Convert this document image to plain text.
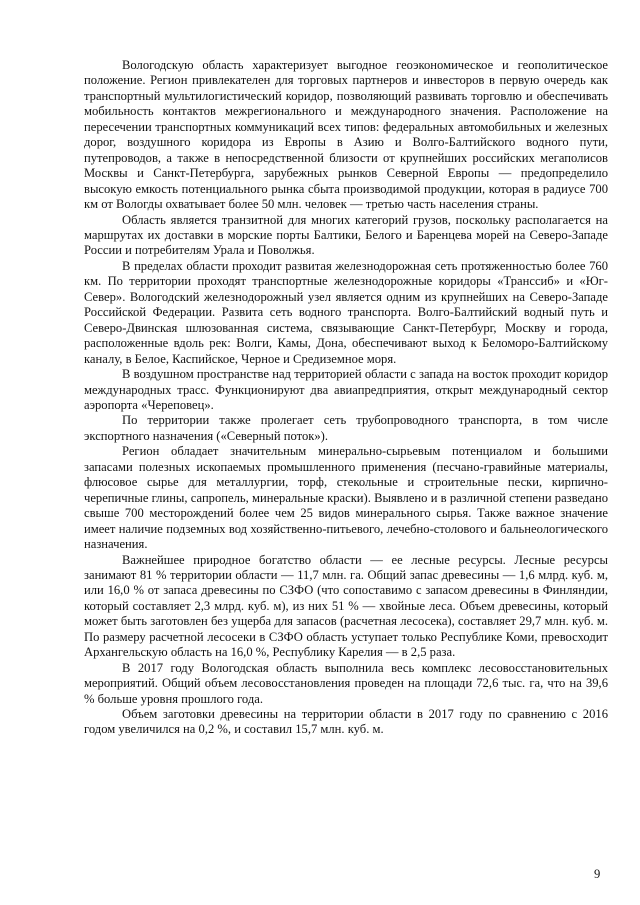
Вологодскую область характеризует выгодное геоэкономическое и геополитическое положение. Регион привлекателен для торговых партнеров и инвесторов в первую очередь как транспортный мультилогистический коридор, позволяющий развивать торговлю и обеспечивать мобильность контактов межрегионального и международного значения. Расположение на пересечении транспортных коммуникаций всех типов: федеральных автомобильных и железных дорог, воздушного коридора из Европы в Азию и Волго-Балтийского водного пути, путепроводов, а также в непосредственной близости от крупнейших российских мегаполисов Москвы и Санкт-Петербурга, зарубежных рынков Северной Европы — предопределило высокую емкость потенциального рынка сбыта производимой продукции, которая в радиусе 700 км от Вологды охватывает более 50 млн. человек — третью часть населения страны.

Область является транзитной для многих категорий грузов, поскольку располагается на маршрутах их доставки в морские порты Балтики, Белого и Баренцева морей на Северо-Западе России и потребителям Урала и Поволжья.

В пределах области проходит развитая железнодорожная сеть протяженностью более 760 км. По территории проходят транспортные железнодорожные коридоры «Транссиб» и «Юг-Север». Вологодский железнодорожный узел является одним из крупнейших на Северо-Западе Российской Федерации. Развита сеть водного транспорта. Волго-Балтийский водный путь и Северо-Двинская шлюзованная система, связывающие Санкт-Петербург, Москву и города, расположенные вдоль рек: Волги, Камы, Дона, обеспечивают выход к Беломоро-Балтийскому каналу, в Белое, Каспийское, Черное и Средиземное моря.

В воздушном пространстве над территорией области с запада на восток проходит коридор международных трасс. Функционируют два авиапредприятия, открыт международный сектор аэропорта «Череповец».

По территории также пролегает сеть трубопроводного транспорта, в том числе экспортного назначения («Северный поток»).

Регион обладает значительным минерально-сырьевым потенциалом и большими запасами полезных ископаемых промышленного применения (песчано-гравийные материалы, флюсовое сырье для металлургии, торф, стекольные и строительные пески, кирпично-черепичные глины, сапропель, минеральные краски). Выявлено и в различной степени разведано свыше 700 месторождений более чем 25 видов минерального сырья. Также важное значение имеет наличие подземных вод хозяйственно-питьевого, лечебно-столового и бальнеологического назначения.

Важнейшее природное богатство области — ее лесные ресурсы. Лесные ресурсы занимают 81 % территории области — 11,7 млн. га. Общий запас древесины — 1,6 млрд. куб. м, или 16,0 % от запаса древесины по СЗФО (что сопоставимо с запасом древесины в Финляндии, который составляет 2,3 млрд. куб. м), из них 51 % — хвойные леса. Объем древесины, который может быть заготовлен без ущерба для запасов (расчетная лесосека), составляет 29,7 млн. куб. м. По размеру расчетной лесосеки в СЗФО область уступает только Республике Коми, превосходит Архангельскую область на 16,0 %, Республику Карелия — в 2,5 раза.

В 2017 году Вологодская область выполнила весь комплекс лесовосстановительных мероприятий. Общий объем лесовосстановления проведен на площади 72,6 тыс. га, что на 39,6 % больше уровня прошлого года.

Объем заготовки древесины на территории области в 2017 году по сравнению с 2016 годом увеличился на 0,2 %, и составил 15,7 млн. куб. м.

9
